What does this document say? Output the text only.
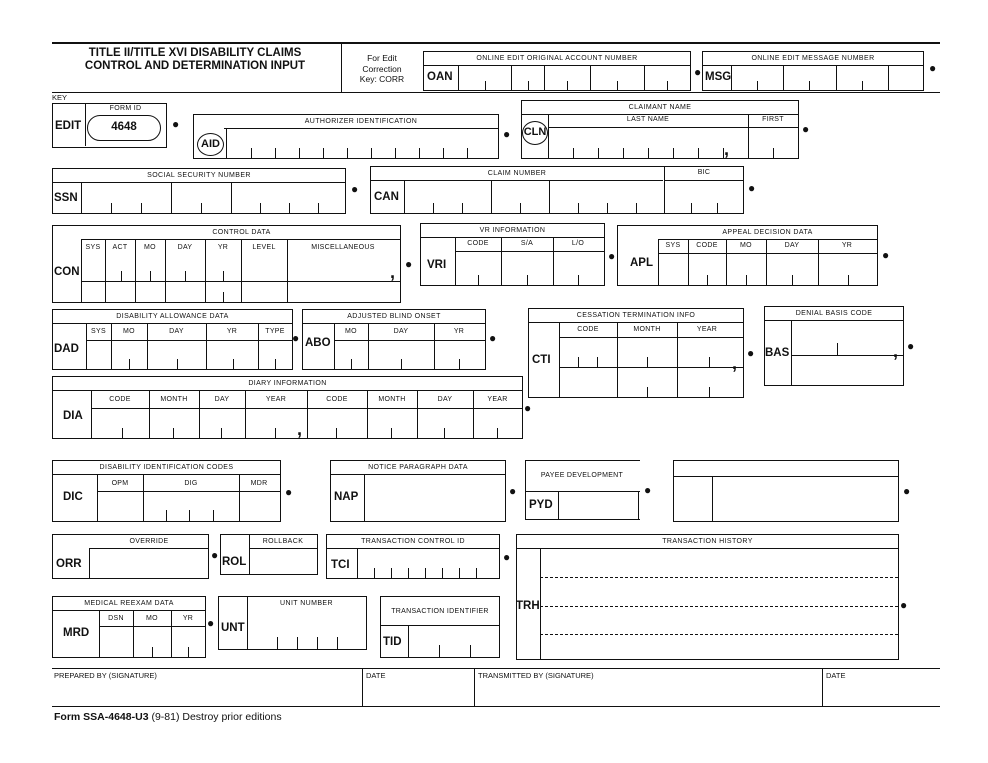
TITLE II/TITLE XVI DISABILITY CLAIMS
CONTROL AND DETERMINATION INPUT
For Edit
Correction
Key: CORR
ONLINE EDIT ORIGINAL ACCOUNT NUMBER
OAN	●
ONLINE EDIT MESSAGE NUMBER
MSG
●
KEY
EDIT
FORM ID
4648	●	AUTHORIZER IDENTIFICATION
AID
●
CLAIMANT NAME
CLN
LAST NAME	FIRST
,
●
SOCIAL SECURITY NUMBER
SSN
●
CLAIM NUMBER	BIC
CAN
●
CONTROL DATA
CON
SYS	ACT	MO	DAY	YR	LEVEL	MISCELLANEOUS
, ●
VR INFORMATION
VRI
CODE	S/A	L/O
●
APPEAL DECISION DATA
APL
SYS	CODE	MO	DAY	YR
●
DISABILITY ALLOWANCE DATA
DAD
SYS	MO	DAY	YR	TYPE ●
ADJUSTED BLIND ONSET
ABO
MO	DAY	YR	●
CESSATION TERMINATION INFO
CTI
CODE	MONTH	YEAR
, ●
DENIAL BASIS CODE
BAS	, ●
DIARY INFORMATION
DIA
CODE	MONTH	DAY	YEAR	CODE	MONTH	DAY	YEAR
,
●
DISABILITY IDENTIFICATION CODES
DIC
OPM	DIG	MDR
●
NOTICE PARAGRAPH DATA
NAP	●
PAYEE DEVELOPMENT
PYD
●	●
OVERRIDE
ORR
●
ROLLBACK
ROL
TRANSACTION CONTROL ID
TCI
●
TRANSACTION HISTORY
TRH	●
MEDICAL REEXAM DATA
MRD
DSN	MO	YR	●
UNIT NUMBER
UNT
TRANSACTION IDENTIFIER
TID
PREPARED BY (SIGNATURE)	DATE	TRANSMITTED BY (SIGNATURE)	DATE
Form SSA-4648-U3 (9-81) Destroy prior editions
